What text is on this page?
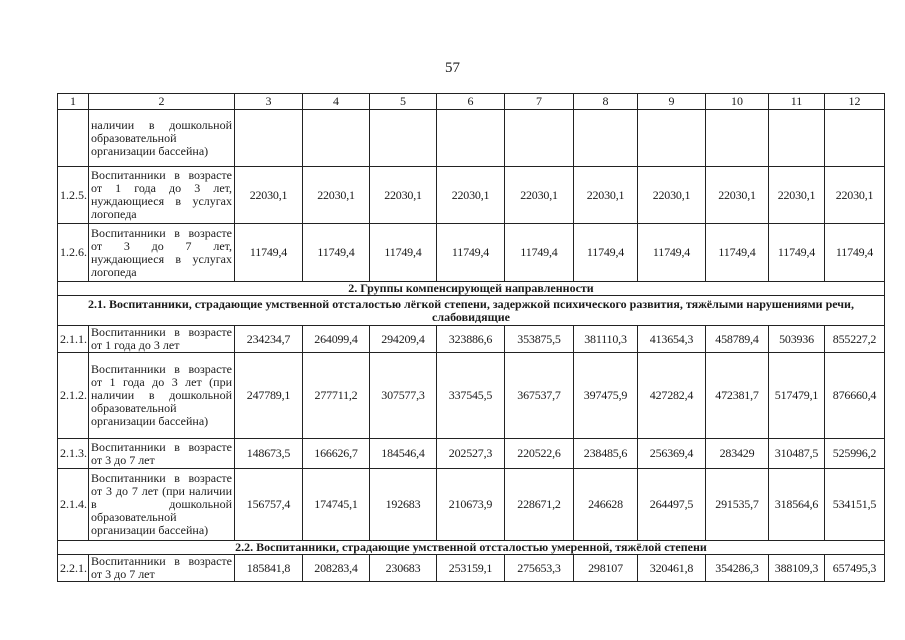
57
1	2	3	4	5	6	7	8	9	10	11	12
	наличии в дошкольной образовательной организации бассейна)										
1.2.5.	Воспитанники в возрасте от 1 года до 3 лет, нуждающиеся в услугах логопеда	22030,1	22030,1	22030,1	22030,1	22030,1	22030,1	22030,1	22030,1	22030,1	22030,1
1.2.6.	Воспитанники в возрасте от 3 до 7 лет, нуждающиеся в услугах логопеда	11749,4	11749,4	11749,4	11749,4	11749,4	11749,4	11749,4	11749,4	11749,4	11749,4
2. Группы компенсирующей направленности											
2.1. Воспитанники, страдающие умственной отсталостью лёгкой степени, задержкой психического развития, тяжёлыми нарушениями речи, слабовидящие											
2.1.1.	Воспитанники в возрасте от 1 года до 3 лет	234234,7	264099,4	294209,4	323886,6	353875,5	381110,3	413654,3	458789,4	503936	855227,2
2.1.2.	Воспитанники в возрасте от 1 года до 3 лет (при наличии в дошкольной образовательной организации бассейна)	247789,1	277711,2	307577,3	337545,5	367537,7	397475,9	427282,4	472381,7	517479,1	876660,4
2.1.3.	Воспитанники в возрасте от 3 до 7 лет	148673,5	166626,7	184546,4	202527,3	220522,6	238485,6	256369,4	283429	310487,5	525996,2
2.1.4.	Воспитанники в возрасте от 3 до 7 лет (при наличии в дошкольной образовательной организации бассейна)	156757,4	174745,1	192683	210673,9	228671,2	246628	264497,5	291535,7	318564,6	534151,5
2.2. Воспитанники, страдающие умственной отсталостью умеренной, тяжёлой степени											
2.2.1.	Воспитанники в возрасте от 3 до 7 лет	185841,8	208283,4	230683	253159,1	275653,3	298107	320461,8	354286,3	388109,3	657495,3
